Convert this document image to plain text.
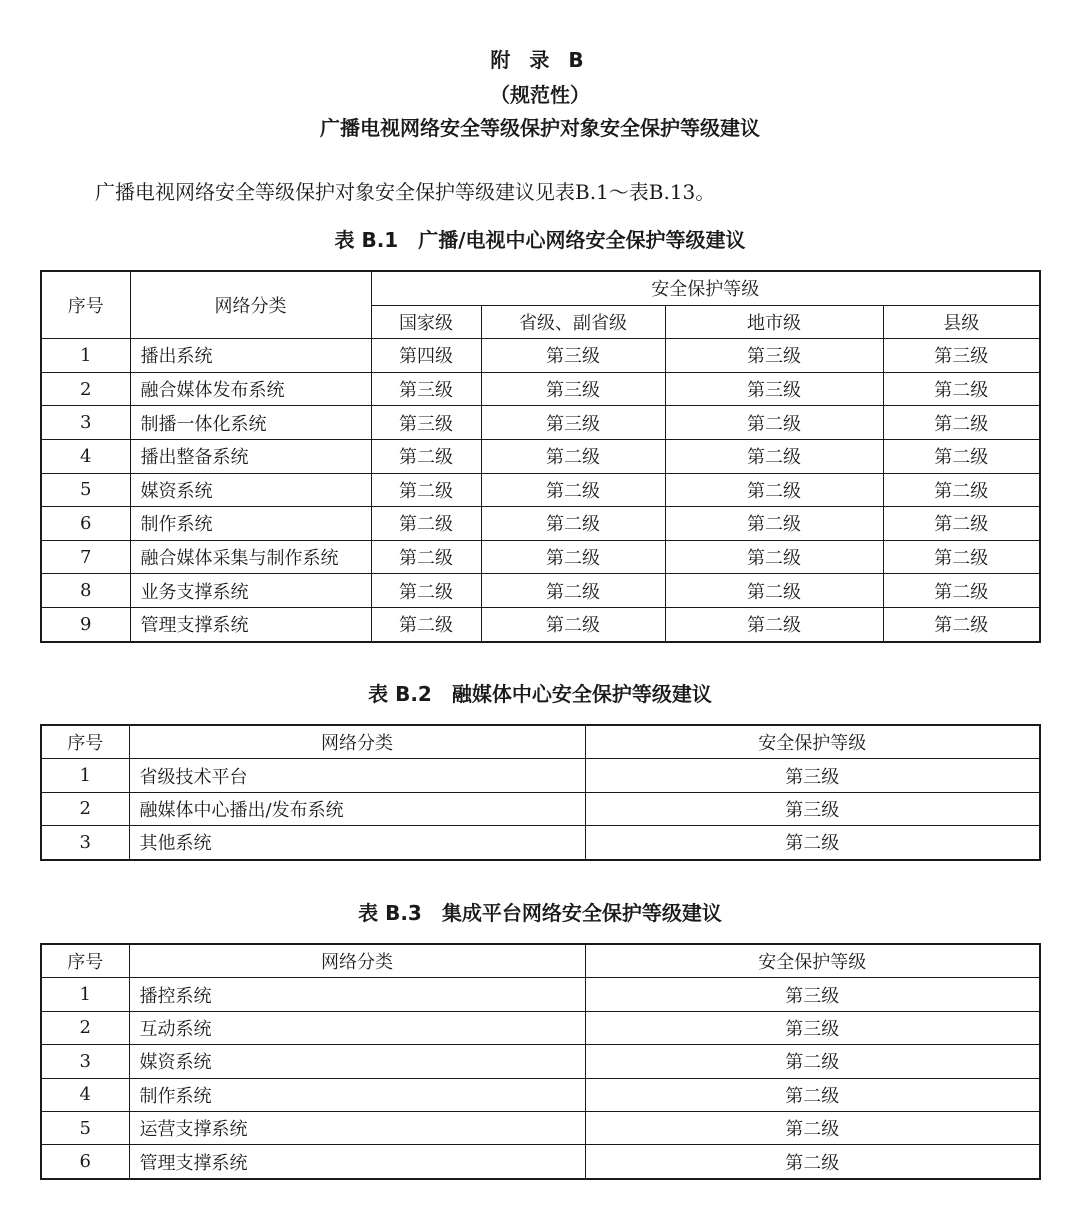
附 录 B
（规范性）
广播电视网络安全等级保护对象安全保护等级建议
广播电视网络安全等级保护对象安全保护等级建议见表B.1～表B.13。
表 B.1　广播/电视中心网络安全保护等级建议
序号	网络分类	安全保护等级			
		国家级	省级、副省级	地市级	县级
1	播出系统	第四级	第三级	第三级	第三级
2	融合媒体发布系统	第三级	第三级	第三级	第二级
3	制播一体化系统	第三级	第三级	第二级	第二级
4	播出整备系统	第二级	第二级	第二级	第二级
5	媒资系统	第二级	第二级	第二级	第二级
6	制作系统	第二级	第二级	第二级	第二级
7	融合媒体采集与制作系统	第二级	第二级	第二级	第二级
8	业务支撑系统	第二级	第二级	第二级	第二级
9	管理支撑系统	第二级	第二级	第二级	第二级
表 B.2　融媒体中心安全保护等级建议
序号	网络分类	安全保护等级
1	省级技术平台	第三级
2	融媒体中心播出/发布系统	第三级
3	其他系统	第二级
表 B.3　集成平台网络安全保护等级建议
序号	网络分类	安全保护等级
1	播控系统	第三级
2	互动系统	第三级
3	媒资系统	第二级
4	制作系统	第二级
5	运营支撑系统	第二级
6	管理支撑系统	第二级
